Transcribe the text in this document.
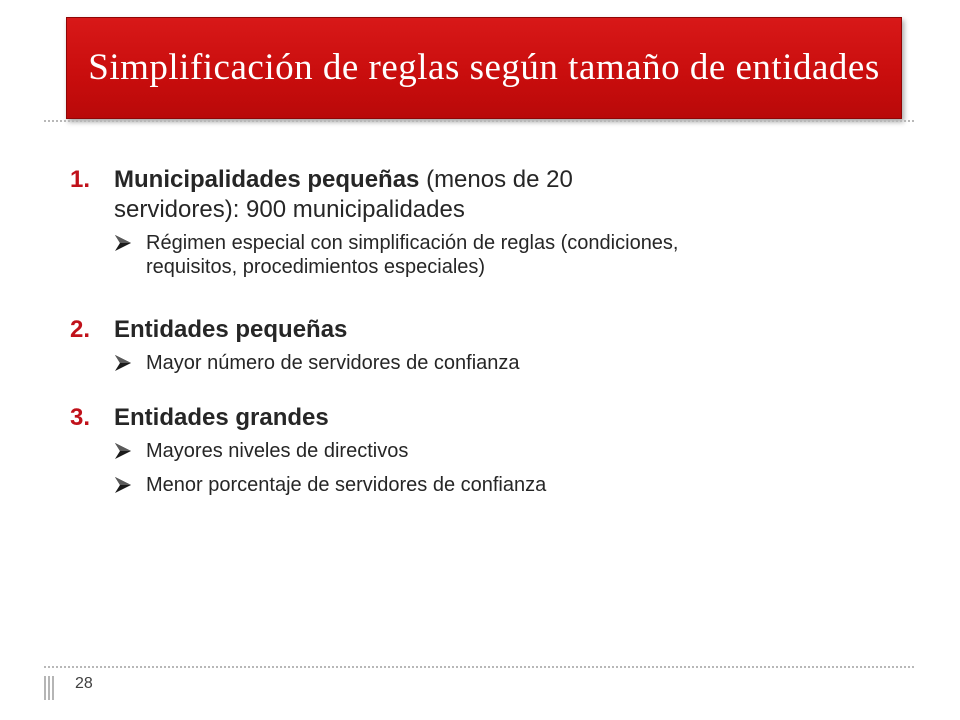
Simplificación de reglas según tamaño de entidades
1. Municipalidades pequeñas (menos de 20 servidores): 900 municipalidades
Régimen especial con simplificación de reglas (condiciones, requisitos, procedimientos especiales)
2. Entidades pequeñas
Mayor número de servidores de confianza
3. Entidades grandes
Mayores niveles de directivos
Menor porcentaje de servidores de confianza
28
